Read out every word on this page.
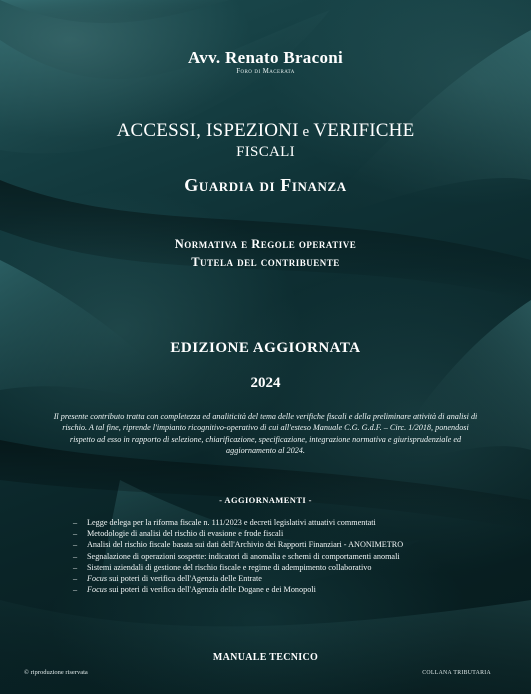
Avv. Renato Braconi

Foro di Macerata

ACCESSI, ISPEZIONI e VERIFICHE

FISCALI

Guardia di Finanza

Normativa e Regole operative

Tutela del contribuente

EDIZIONE AGGIORNATA

2024

Il presente contributo tratta con completezza ed analiticità del tema delle verifiche fiscali e della preliminare attività di analisi di rischio. A tal fine, riprende l'impianto ricognitivo-operativo di cui all'esteso Manuale C.G. G.d.F. – Circ. 1/2018, ponendosi rispetto ad esso in rapporto di selezione, chiarificazione, specificazione, integrazione normativa e giurisprudenziale ed aggiornamento al 2024.

- AGGIORNAMENTI -

– Legge delega per la riforma fiscale n. 111/2023 e decreti legislativi attuativi commentati
– Metodologie di analisi del rischio di evasione e frode fiscali
– Analisi del rischio fiscale basata sui dati dell'Archivio dei Rapporti Finanziari - ANONIMETRO
– Segnalazione di operazioni sospette: indicatori di anomalia e schemi di comportamenti anomali
– Sistemi aziendali di gestione del rischio fiscale e regime di adempimento collaborativo
– Focus sui poteri di verifica dell'Agenzia delle Entrate
– Focus sui poteri di verifica dell'Agenzia delle Dogane e dei Monopoli

MANUALE TECNICO

© riproduzione riservata	COLLANA TRIBUTARIA
